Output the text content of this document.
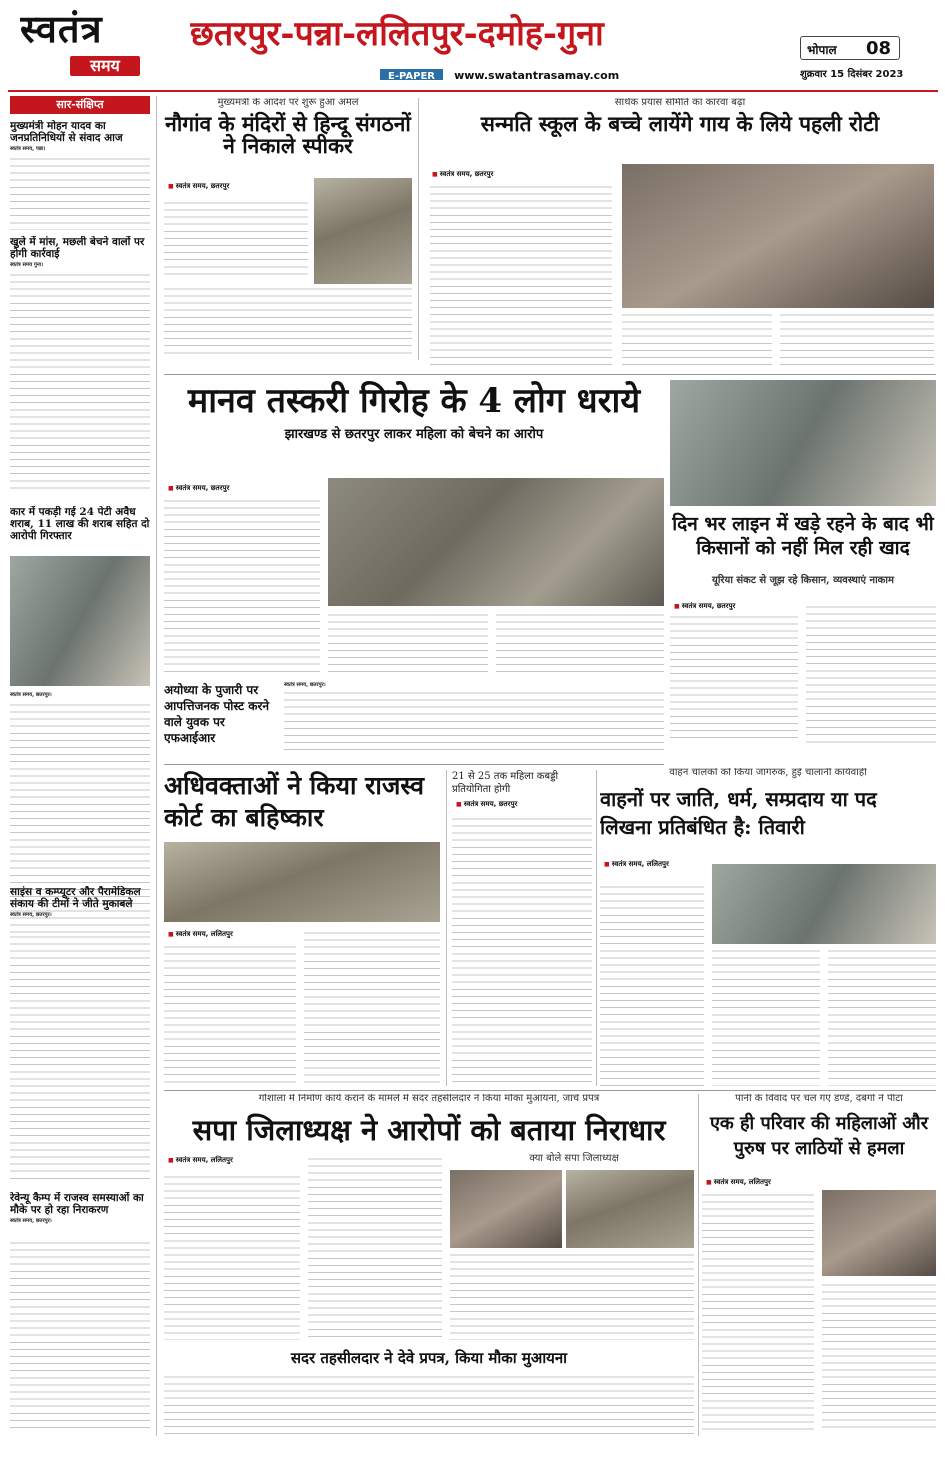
स्वतंत्र
समय
छतरपुर-पन्ना-ललितपुर-दमोह-गुना
E-PAPER www.swatantrasamay.com
भोपाल 08
शुक्रवार 15 दिसंबर 2023
सार-संक्षिप्त
मुख्यमंत्री मोहन यादव का जनप्रतिनिधियों से संवाद आज
स्वतंत्र समय, पन्ना।
खुले में मांस, मछली बेचने वालों पर होगी कार्रवाई
स्वतंत्र समय गुना।
कार में पकड़ी गई 24 पेटी अवैध शराब, 11 लाख की शराब सहित दो आरोपी गिरफ्तार
स्वतंत्र समय, छतरपुर।
साइंस व कम्प्यूटर और पैरामेडिकल संकाय की टीमों ने जीते मुकाबले
स्वतंत्र समय, छतरपुर।
रेवेन्यू कैम्प में राजस्व समस्याओं का मौके पर हो रहा निराकरण
स्वतंत्र समय, छतरपुर।
मुख्यमंत्री के आदेश पर शुरू हुआ अमल
नौगांव के मंदिरों से हिन्दू संगठनों ने निकाले स्पीकर
■ स्वतंत्र समय, छतरपुर
सार्थक प्रयास समिति का कारवां बढ़ा
सन्मति स्कूल के बच्चे लायेंगे गाय के लिये पहली रोटी
■ स्वतंत्र समय, छतरपुर
मानव तस्करी गिरोह के 4 लोग धराये
झारखण्ड से छतरपुर लाकर महिला को बेचने का आरोप
■ स्वतंत्र समय, छतरपुर
दिन भर लाइन में खड़े रहने के बाद भी किसानों को नहीं मिल रही खाद
यूरिया संकट से जूझ रहे किसान, व्यवस्थाएं नाकाम
■ स्वतंत्र समय, छतरपुर
अयोध्या के पुजारी पर आपत्तिजनक पोस्ट करने वाले युवक पर एफआईआर
स्वतंत्र समय, छतरपुर।
अधिवक्ताओं ने किया राजस्व कोर्ट का बहिष्कार
■ स्वतंत्र समय, ललितपुर
21 से 25 तक महिला कबड्डी प्रतियोगिता होगी
■ स्वतंत्र समय, छतरपुर
वाहन चालकों को किया जागरुक, हुई चालानी कार्यवाही
वाहनों पर जाति, धर्म, सम्प्रदाय या पद लिखना प्रतिबंधित है: तिवारी
■ स्वतंत्र समय, ललितपुर
गौशाला में निर्माण कार्य कराने के मामले में सदर तहसीलदार ने किया मौका मुआयना, जांचे प्रपत्र
सपा जिलाध्यक्ष ने आरोपों को बताया निराधार
■ स्वतंत्र समय, ललितपुर	क्या बोले सपा जिलाध्यक्ष
सदर तहसीलदार ने देवे प्रपत्र, किया मौका मुआयना
पानी के विवाद पर चल गए डण्डे, दबंगों ने पीटा
एक ही परिवार की महिलाओं और पुरुष पर लाठियों से हमला
■ स्वतंत्र समय, ललितपुर
